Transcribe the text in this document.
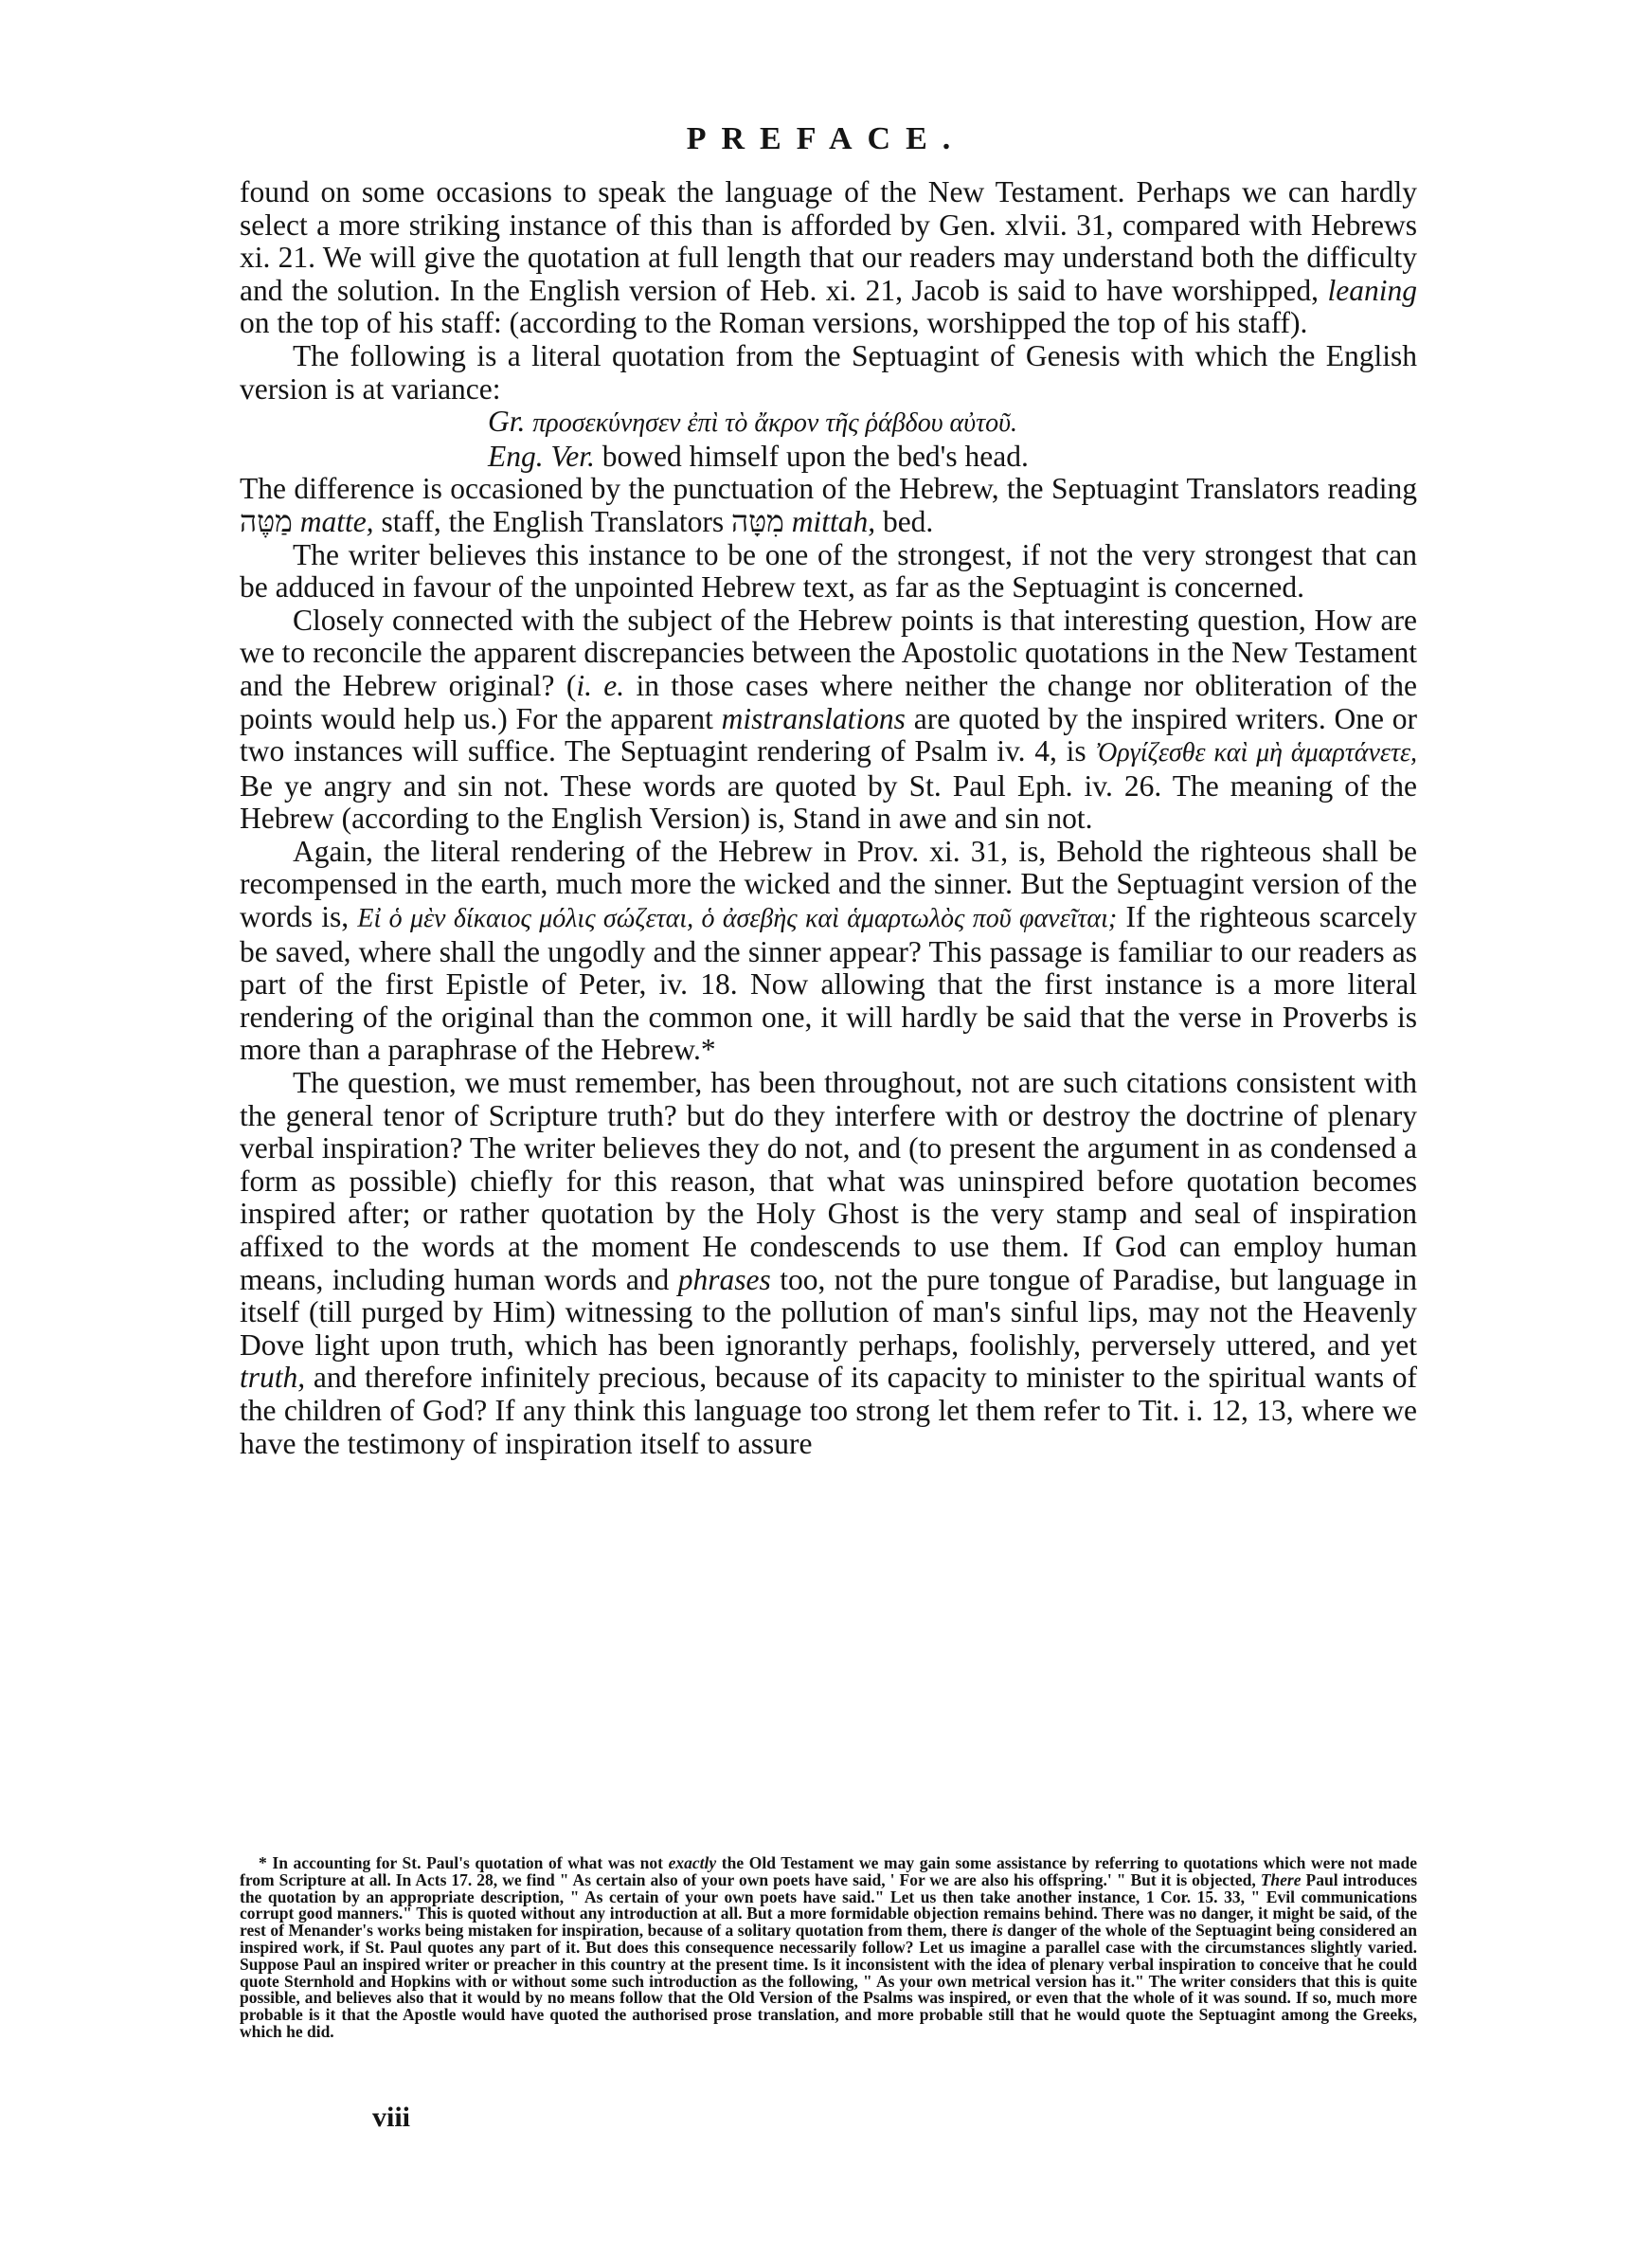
PREFACE.

found on some occasions to speak the language of the New Testament. Perhaps we can hardly select a more striking instance of this than is afforded by Gen. xlvii. 31, compared with Hebrews xi. 21. We will give the quotation at full length that our readers may understand both the difficulty and the solution. In the English version of Heb. xi. 21, Jacob is said to have worshipped, leaning on the top of his staff: (according to the Roman versions, worshipped the top of his staff).

The following is a literal quotation from the Septuagint of Genesis with which the English version is at variance:

Gr. προσεκύνησεν ἐπὶ τὸ ἄκρον τῆς ῥάβδου αὐτοῦ.

Eng. Ver. bowed himself upon the bed's head.

The difference is occasioned by the punctuation of the Hebrew, the Septuagint Translators reading מַטֶּה matte, staff, the English Translators מִטָּה mittah, bed.

The writer believes this instance to be one of the strongest, if not the very strongest that can be adduced in favour of the unpointed Hebrew text, as far as the Septuagint is concerned.

Closely connected with the subject of the Hebrew points is that interesting question, How are we to reconcile the apparent discrepancies between the Apostolic quotations in the New Testament and the Hebrew original? (i. e. in those cases where neither the change nor obliteration of the points would help us.) For the apparent mistranslations are quoted by the inspired writers. One or two instances will suffice. The Septuagint rendering of Psalm iv. 4, is Ὀργίζεσθε καὶ μὴ ἁμαρτάνετε, Be ye angry and sin not. These words are quoted by St. Paul Eph. iv. 26. The meaning of the Hebrew (according to the English Version) is, Stand in awe and sin not.

Again, the literal rendering of the Hebrew in Prov. xi. 31, is, Behold the righteous shall be recompensed in the earth, much more the wicked and the sinner. But the Septuagint version of the words is, Εἰ ὁ μὲν δίκαιος μόλις σώζεται, ὁ ἀσεβὴς καὶ ἁμαρτωλὸς ποῦ φανεῖται; If the righteous scarcely be saved, where shall the ungodly and the sinner appear? This passage is familiar to our readers as part of the first Epistle of Peter, iv. 18. Now allowing that the first instance is a more literal rendering of the original than the common one, it will hardly be said that the verse in Proverbs is more than a paraphrase of the Hebrew.*

The question, we must remember, has been throughout, not are such citations consistent with the general tenor of Scripture truth? but do they interfere with or destroy the doctrine of plenary verbal inspiration? The writer believes they do not, and (to present the argument in as condensed a form as possible) chiefly for this reason, that what was uninspired before quotation becomes inspired after; or rather quotation by the Holy Ghost is the very stamp and seal of inspiration affixed to the words at the moment He condescends to use them. If God can employ human means, including human words and phrases too, not the pure tongue of Paradise, but language in itself (till purged by Him) witnessing to the pollution of man's sinful lips, may not the Heavenly Dove light upon truth, which has been ignorantly perhaps, foolishly, perversely uttered, and yet truth, and therefore infinitely precious, because of its capacity to minister to the spiritual wants of the children of God? If any think this language too strong let them refer to Tit. i. 12, 13, where we have the testimony of inspiration itself to assure

* In accounting for St. Paul's quotation of what was not exactly the Old Testament we may gain some assistance by referring to quotations which were not made from Scripture at all. In Acts 17. 28, we find " As certain also of your own poets have said, ' For we are also his offspring.' " But it is objected, There Paul introduces the quotation by an appropriate description, " As certain of your own poets have said." Let us then take another instance, 1 Cor. 15. 33, " Evil communications corrupt good manners." This is quoted without any introduction at all. But a more formidable objection remains behind. There was no danger, it might be said, of the rest of Menander's works being mistaken for inspiration, because of a solitary quotation from them, there is danger of the whole of the Septuagint being considered an inspired work, if St. Paul quotes any part of it. But does this consequence necessarily follow? Let us imagine a parallel case with the circumstances slightly varied. Suppose Paul an inspired writer or preacher in this country at the present time. Is it inconsistent with the idea of plenary verbal inspiration to conceive that he could quote Sternhold and Hopkins with or without some such introduction as the following, " As your own metrical version has it." The writer considers that this is quite possible, and believes also that it would by no means follow that the Old Version of the Psalms was inspired, or even that the whole of it was sound. If so, much more probable is it that the Apostle would have quoted the authorised prose translation, and more probable still that he would quote the Septuagint among the Greeks, which he did.

viii
